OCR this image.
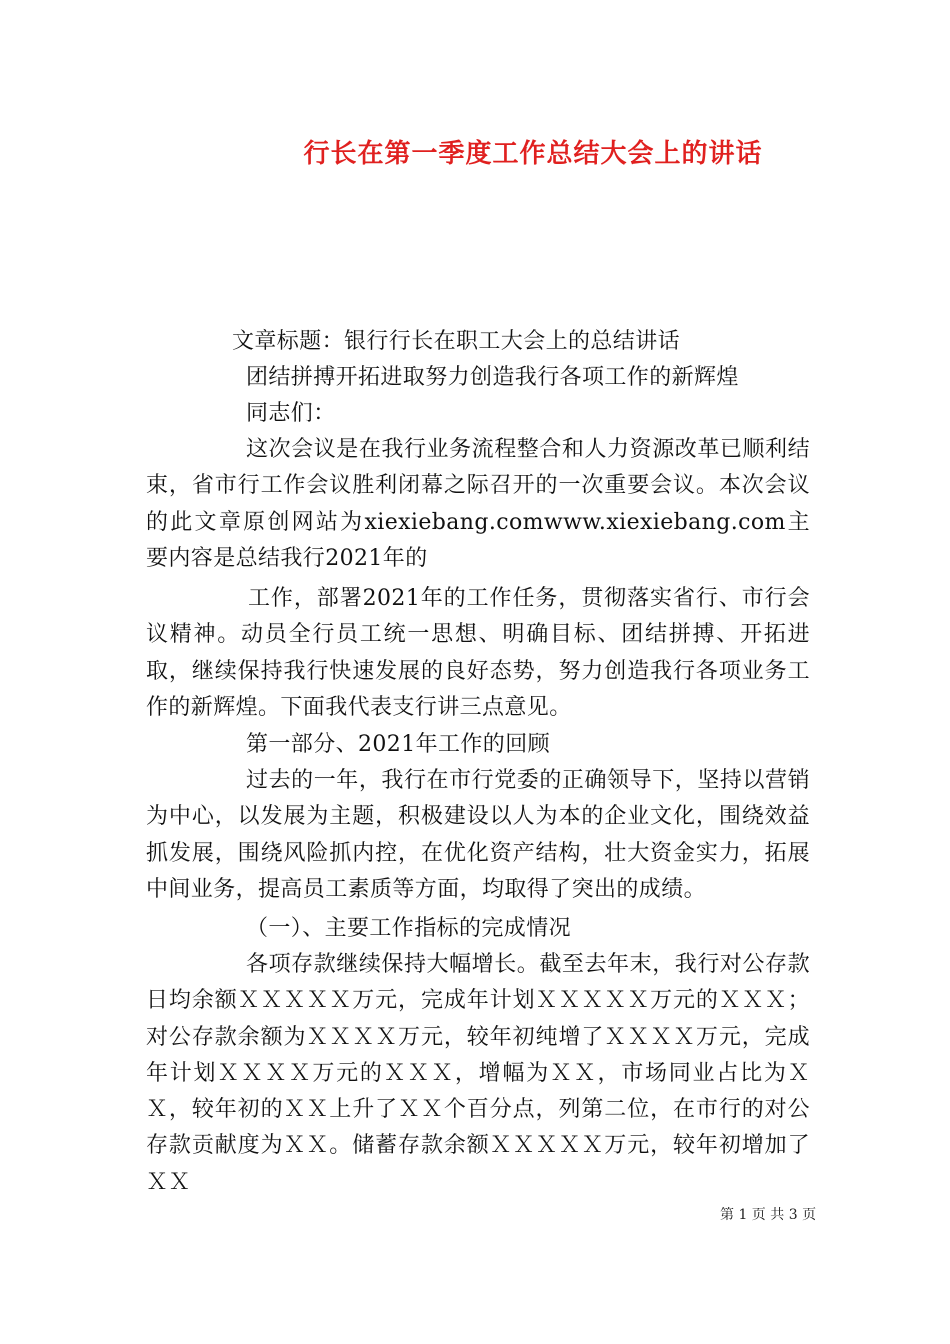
行长在第一季度工作总结大会上的讲话
文章标题：银行行长在职工大会上的总结讲话
团结拼搏开拓进取努力创造我行各项工作的新辉煌
同志们：
这次会议是在我行业务流程整合和人力资源改革已顺利结束，省市行工作会议胜利闭幕之际召开的一次重要会议。本次会议的此文章原创网站为xiexiebang.comwww.xiexiebang.com主要内容是总结我行2021年的
工作，部署2021年的工作任务，贯彻落实省行、市行会议精神。动员全行员工统一思想、明确目标、团结拼搏、开拓进取，继续保持我行快速发展的良好态势，努力创造我行各项业务工作的新辉煌。下面我代表支行讲三点意见。
第一部分、2021年工作的回顾
过去的一年，我行在市行党委的正确领导下，坚持以营销为中心，以发展为主题，积极建设以人为本的企业文化，围绕效益抓发展，围绕风险抓内控，在优化资产结构，壮大资金实力，拓展中间业务，提高员工素质等方面，均取得了突出的成绩。
（一）、主要工作指标的完成情况
各项存款继续保持大幅增长。截至去年末，我行对公存款日均余额ＸＸＸＸＸ万元，完成年计划ＸＸＸＸＸ万元的ＸＸＸ；对公存款余额为ＸＸＸＸ万元，较年初纯增了ＸＸＸＸ万元，完成年计划ＸＸＸＸ万元的ＸＸＸ，增幅为ＸＸ，市场同业占比为ＸＸ，较年初的ＸＸ上升了ＸＸ个百分点，列第二位，在市行的对公存款贡献度为ＸＸ。储蓄存款余额ＸＸＸＸＸ万元，较年初增加了ＸＸ
第 1 页 共 3 页
